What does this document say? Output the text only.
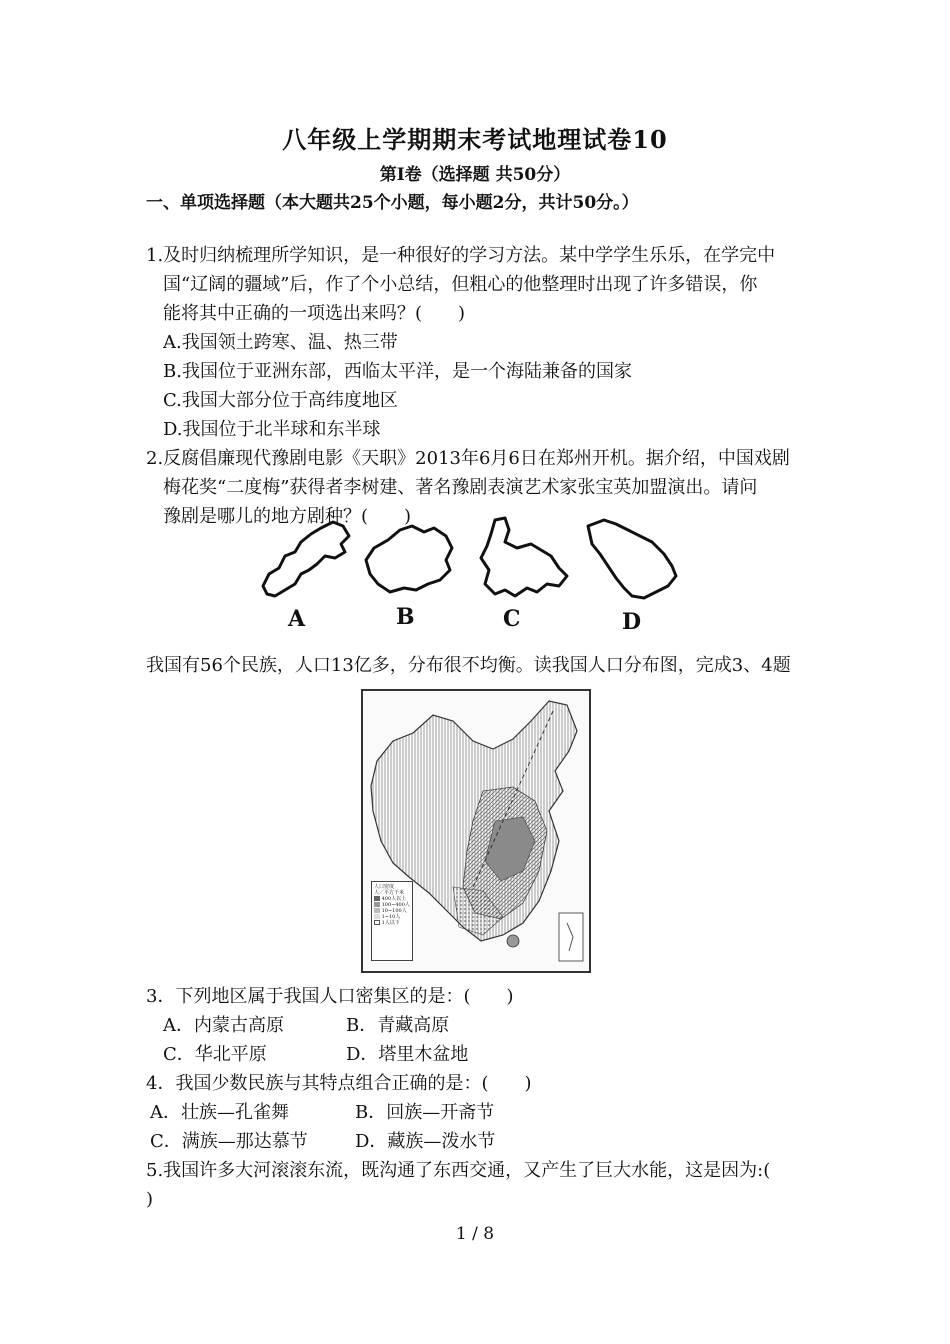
八年级上学期期末考试地理试卷10
第Ⅰ卷（选择题 共50分）
一、单项选择题（本大题共25个小题，每小题2分，共计50分。）
1.及时归纳梳理所学知识，是一种很好的学习方法。某中学学生乐乐，在学完中
国“辽阔的疆域”后，作了个小总结，但粗心的他整理时出现了许多错误，你
能将其中正确的一项选出来吗？(　　)
A.我国领土跨寒、温、热三带
B.我国位于亚洲东部，西临太平洋，是一个海陆兼备的国家
C.我国大部分位于高纬度地区
D.我国位于北半球和东半球
2.反腐倡廉现代豫剧电影《天职》2013年6月6日在郑州开机。据介绍，中国戏剧
梅花奖“二度梅”获得者李树建、著名豫剧表演艺术家张宝英加盟演出。请问
豫剧是哪儿的地方剧种？(　　)
A	B	C	D
我国有56个民族，人口13亿多，分布很不均衡。读我国人口分布图，完成3、4题
人口密度
人／平方千米
400人以上
100~400人
10~100人
1~10人
1人以下
3．下列地区属于我国人口密集区的是：(　　)
A．内蒙古高原	B．青藏高原
C．华北平原	D．塔里木盆地
4．我国少数民族与其特点组合正确的是：(　　)
A．壮族—孔雀舞	B．回族—开斋节
C．满族—那达慕节	D．藏族—泼水节
5.我国许多大河滚滚东流，既沟通了东西交通，又产生了巨大水能，这是因为:(
)
1 / 8
